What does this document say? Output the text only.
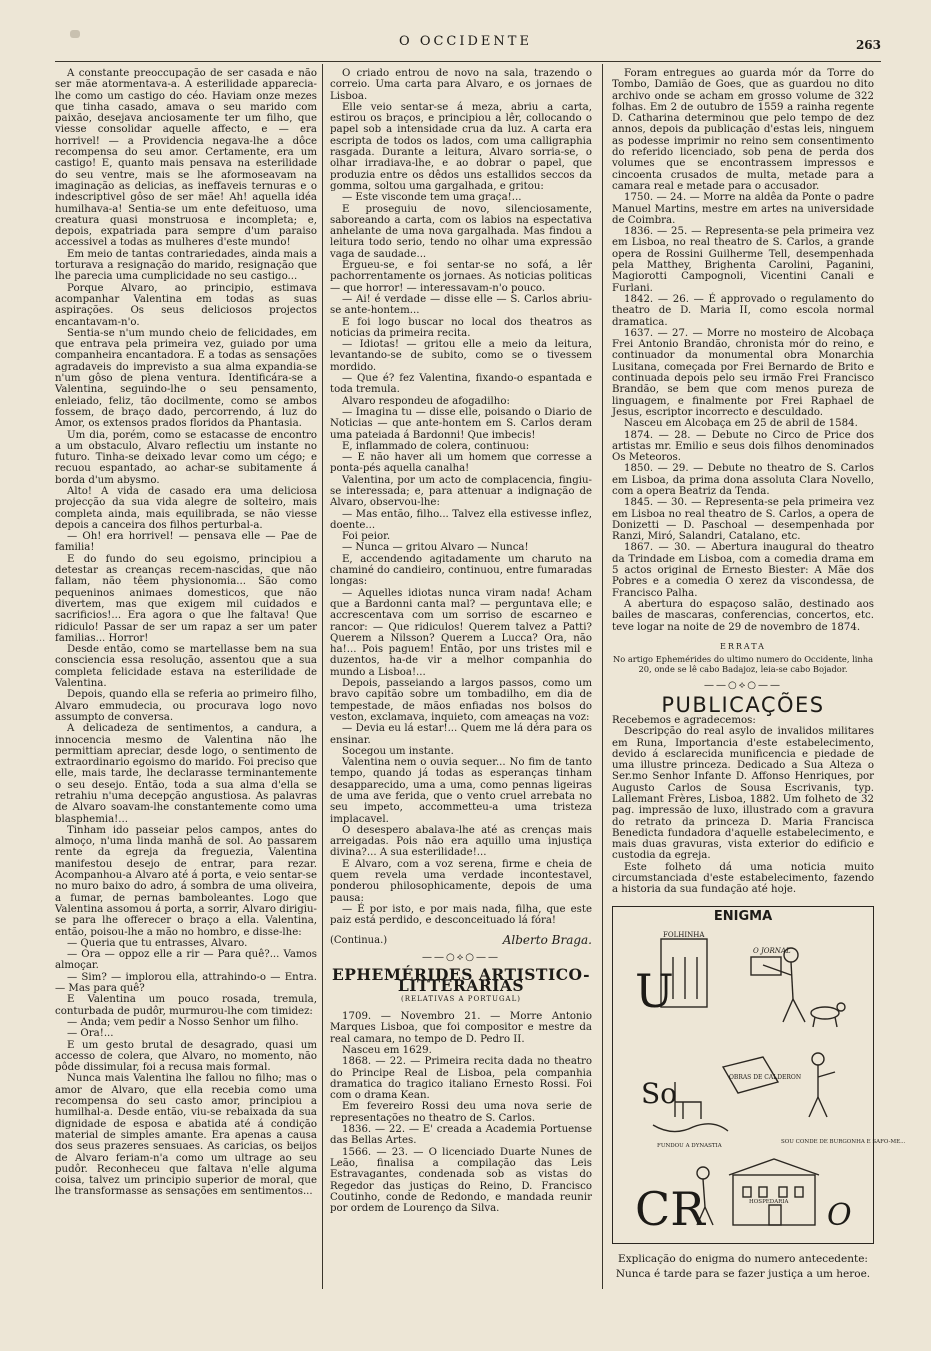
O OCCIDENTE	263

A constante preoccupação de ser casada e não ser mãe atormentava-a. A esterilidade apparecia-lhe como um castigo do céo. Haviam onze mezes que tinha casado, amava o seu marido com paixão, desejava anciosamente ter um filho, que viesse consolidar aquelle affecto, e — era horrivel! — a Providencia negava-lhe a dôce recompensa do seu amor. Certamente, era um castigo! E, quanto mais pensava na esterilidade do seu ventre, mais se lhe aformoseavam na imaginação as delicias, as ineffaveis ternuras e o indescriptivel gôso de ser mãe! Ah! aquella idéa humilhava-a! Sentia-se um ente defeituoso, uma creatura quasi monstruosa e incompleta; e, depois, expatriada para sempre d'um paraiso accessivel a todas as mulheres d'este mundo!

Em meio de tantas contrariedades, ainda mais a torturava a resignação do marido, resignação que lhe parecia uma cumplicidade no seu castigo...

Porque Alvaro, ao principio, estimava acompanhar Valentina em todas as suas aspirações. Os seus deliciosos projectos encantavam-n'o.

Sentia-se n'um mundo cheio de felicidades, em que entrava pela primeira vez, guiado por uma companheira encantadora. E a todas as sensações agradaveis do imprevisto a sua alma expandia-se n'um gôso de plena ventura. Identificára-se a Valentina, seguindo-lhe o seu pensamento, enleiado, feliz, tão docilmente, como se ambos fossem, de braço dado, percorrendo, á luz do Amor, os extensos prados floridos da Phantasia.

Um dia, porém, como se estacasse de encontro a um obstaculo, Alvaro reflectiu um instante no futuro. Tinha-se deixado levar como um cégo; e recuou espantado, ao achar-se subitamente á borda d'um abysmo.

Alto! A vida de casado era uma deliciosa projecção da sua vida alegre de solteiro, mais completa ainda, mais equilibrada, se não viesse depois a canceira dos filhos perturbal-a.

— Oh! era horrivel! — pensava elle — Pae de familia!

E do fundo do seu egoismo, principiou a detestar as creanças recem-nascidas, que não fallam, não têem physionomia... São como pequeninos animaes domesticos, que não divertem, mas que exigem mil cuidados e sacrificios!... Era agora o que lhe faltava! Que ridiculo! Passar de ser um rapaz a ser um pater familias... Horror!

Desde então, como se martellasse bem na sua consciencia essa resolução, assentou que a sua completa felicidade estava na esterilidade de Valentina.

Depois, quando ella se referia ao primeiro filho, Alvaro emmudecia, ou procurava logo novo assumpto de conversa.

A delicadeza de sentimentos, a candura, a innocencia mesmo de Valentina não lhe permittiam apreciar, desde logo, o sentimento de extraordinario egoismo do marido. Foi preciso que elle, mais tarde, lhe declarasse terminantemente o seu desejo. Então, toda a sua alma d'ella se retrahiu n'uma decepção angustiosa. As palavras de Alvaro soavam-lhe constantemente como uma blasphemia!...

Tinham ido passeiar pelos campos, antes do almoço, n'uma linda manhã de sol. Ao passarem rente da egreja da freguezia, Valentina manifestou desejo de entrar, para rezar. Acompanhou-a Alvaro até á porta, e veio sentar-se no muro baixo do adro, á sombra de uma oliveira, a fumar, de pernas bamboleantes. Logo que Valentina assomou á porta, a sorrir, Alvaro dirigiu-se para lhe offerecer o braço a ella. Valentina, então, poisou-lhe a mão no hombro, e disse-lhe:

— Queria que tu entrasses, Alvaro.

— Ora — oppoz elle a rir — Para quê?... Vamos almoçar.

— Sim? — implorou ella, attrahindo-o — Entra. — Mas para quê?

E Valentina um pouco rosada, tremula, conturbada de pudôr, murmurou-lhe com timidez:

— Anda; vem pedir a Nosso Senhor um filho.

— Ora!...

E um gesto brutal de desagrado, quasi um accesso de colera, que Alvaro, no momento, não pôde dissimular, foi a recusa mais formal.

Nunca mais Valentina lhe fallou no filho; mas o amor de Alvaro, que ella recebia como uma recompensa do seu casto amor, principiou a humilhal-a. Desde então, viu-se rebaixada da sua dignidade de esposa e abatida até á condição material de simples amante. Era apenas a causa dos seus prazeres sensuaes. As caricias, os beijos de Alvaro feriam-n'a como um ultrage ao seu pudôr. Reconheceu que faltava n'elle alguma coisa, talvez um principio superior de moral, que lhe transformasse as sensações em sentimentos...

O criado entrou de novo na sala, trazendo o correio. Uma carta para Alvaro, e os jornaes de Lisboa.

Elle veio sentar-se á meza, abriu a carta, estirou os braços, e principiou a lêr, collocando o papel sob a intensidade crua da luz. A carta era escripta de todos os lados, com uma calligraphia rasgada. Durante a leitura, Alvaro sorria-se, o olhar irradiava-lhe, e ao dobrar o papel, que produzia entre os dêdos uns estallidos seccos da gomma, soltou uma gargalhada, e gritou:

— Este visconde tem uma graça!...

E proseguiu de novo, silenciosamente, saboreando a carta, com os labios na espectativa anhelante de uma nova gargalhada. Mas findou a leitura todo serio, tendo no olhar uma expressão vaga de saudade...

Ergueu-se, e foi sentar-se no sofá, a lêr pachorrentamente os jornaes. As noticias politicas — que horror! — interessavam-n'o pouco.

— Ai! é verdade — disse elle — S. Carlos abriu-se ante-hontem...

E foi logo buscar no local dos theatros as noticias da primeira recita.

— Idiotas! — gritou elle a meio da leitura, levantando-se de subito, como se o tivessem mordido.

— Que é? fez Valentina, fixando-o espantada e toda tremula.

Alvaro respondeu de afogadilho:

— Imagina tu — disse elle, poisando o Diario de Noticias — que ante-hontem em S. Carlos deram uma pateiada á Bardonni! Que imbecis!

E, inflammado de colera, continuou:

— E não haver ali um homem que corresse a ponta-pés aquella canalha!

Valentina, por um acto de complacencia, fingiu-se interessada; e, para attenuar a indignação de Alvaro, observou-lhe:

— Mas então, filho... Talvez ella estivesse inflez, doente...

Foi peior.

— Nunca — gritou Alvaro — Nunca!

E, accendendo agitadamente um charuto na chaminé do candieiro, continuou, entre fumaradas longas:

— Aquelles idiotas nunca viram nada! Acham que a Bardonni canta mal? — perguntava elle; e accrescentava com um sorriso de escarneo e rancor: — Que ridiculos! Querem talvez a Patti? Querem a Nilsson? Querem a Lucca? Ora, não ha!... Pois paguem! Então, por uns tristes mil e duzentos, ha-de vir a melhor companhia do mundo a Lisboa!...

Depois, passeiando a largos passos, como um bravo capitão sobre um tombadilho, em dia de tempestade, de mãos enfiadas nos bolsos do veston, exclamava, inquieto, com ameaças na voz:

— Devia eu lá estar!... Quem me lá déra para os ensinar.

Socegou um instante.

Valentina nem o ouvia sequer... No fim de tanto tempo, quando já todas as esperanças tinham desapparecido, uma a uma, como pennas ligeiras de uma ave ferida, que o vento cruel arrebata no seu impeto, accommetteu-a uma tristeza implacavel.

O desespero abalava-lhe até as crenças mais arreigadas. Pois não era aquillo uma injustiça divina?... A sua esterilidade!...

E Alvaro, com a voz serena, firme e cheia de quem revela uma verdade incontestavel, ponderou philosophicamente, depois de uma pausa:

— É por isto, e por mais nada, filha, que este paiz está perdido, e desconceituado lá fóra!

(Continua.)	Alberto Braga.
——○⟡○——
EPHEMÉRIDES ARTISTICO-LITTERARIAS
(RELATIVAS A PORTUGAL)

1709. — Novembro 21. — Morre Antonio Marques Lisboa, que foi compositor e mestre da real camara, no tempo de D. Pedro II.

Nasceu em 1629.

1868. — 22. — Primeira recita dada no theatro do Principe Real de Lisboa, pela companhia dramatica do tragico italiano Ernesto Rossi. Foi com o drama Kean.

Em fevereiro Rossi deu uma nova serie de representações no theatro de S. Carlos.

1836. — 22. — E' creada a Academia Portuense das Bellas Artes.

1566. — 23. — O licenciado Duarte Nunes de Leão, finalisa a compilação das Leis Estravagantes, condenada sob as vistas do Regedor das justiças do Reino, D. Francisco Coutinho, conde de Redondo, e mandada reunir por ordem de Lourenço da Silva.

Foram entregues ao guarda mór da Torre do Tombo, Damião de Goes, que as guardou no dito archivo onde se acham em grosso volume de 322 folhas. Em 2 de outubro de 1559 a rainha regente D. Catharina determinou que pelo tempo de dez annos, depois da publicação d'estas leis, ninguem as podesse imprimir no reino sem consentimento do referido licenciado, sob pena de perda dos volumes que se encontrassem impressos e cincoenta crusados de multa, metade para a camara real e metade para o accusador.

1750. — 24. — Morre na aldêa da Ponte o padre Manuel Martins, mestre em artes na universidade de Coimbra.

1836. — 25. — Representa-se pela primeira vez em Lisboa, no real theatro de S. Carlos, a grande opera de Rossini Guilherme Tell, desempenhada pela Matthey, Brighenta Carolini, Paganini, Magiorotti Campognoli, Vicentini Canali e Furlani.

1842. — 26. — É approvado o regulamento do theatro de D. Maria II, como escola normal dramatica.

1637. — 27. — Morre no mosteiro de Alcobaça Frei Antonio Brandão, chronista mór do reino, e continuador da monumental obra Monarchia Lusitana, começada por Frei Bernardo de Brito e continuada depois pelo seu irmão Frei Francisco Brandão, se bem que com menos pureza de linguagem, e finalmente por Frei Raphael de Jesus, escriptor incorrecto e desculdado.

Nasceu em Alcobaça em 25 de abril de 1584.

1874. — 28. — Debute no Circo de Price dos artistas mr. Emilio e seus dois filhos denominados Os Meteoros.

1850. — 29. — Debute no theatro de S. Carlos em Lisboa, da prima dona assoluta Clara Novello, com a opera Beatriz da Tenda.

1845. — 30. — Representa-se pela primeira vez em Lisboa no real theatro de S. Carlos, a opera de Donizetti — D. Paschoal — desempenhada por Ranzi, Miró, Salandri, Catalano, etc.

1867. — 30. — Abertura inaugural do theatro da Trindade em Lisboa, com a comedia drama em 5 actos original de Ernesto Biester: A Mãe dos Pobres e a comedia O xerez da viscondessa, de Francisco Palha.

A abertura do espaçoso salão, destinado aos bailes de mascaras, conferencias, concertos, etc. teve logar na noite de 29 de novembro de 1874.

ERRATA
No artigo Ephemérides do ultimo numero do Occidente, linha 20, onde se lê cabo Badajoz, leia-se cabo Bojador.
——○⟡○——
PUBLICAÇÕES

Recebemos e agradecemos:

Descripção do real asylo de invalidos militares em Runa, Importancia d'este estabelecimento, devido á esclarecida munificencia e piedade de uma illustre princeza. Dedicado a Sua Alteza o Ser.mo Senhor Infante D. Affonso Henriques, por Augusto Carlos de Sousa Escrivanis, typ. Lallemant Frères, Lisboa, 1882. Um folheto de 32 pag. impressão de luxo, illustrado com a gravura do retrato da princeza D. Maria Francisca Benedicta fundadora d'aquelle estabelecimento, e mais duas gravuras, vista exterior do edificio e custodia da egreja.

Este folheto dá uma noticia muito circumstanciada d'este estabelecimento, fazendo a historia da sua fundação até hoje.

ENIGMA
U
So
CR	O
FOLHINHA
O JORNAL
OBRAS DE CALDERON
FUNDOU A DYNASTIA
SOU CONDE DE BURGONHA E SAFO-ME...
HOSPEDARIA
Explicação do enigma do numero antecedente:
Nunca é tarde para se fazer justiça a um heroe.
